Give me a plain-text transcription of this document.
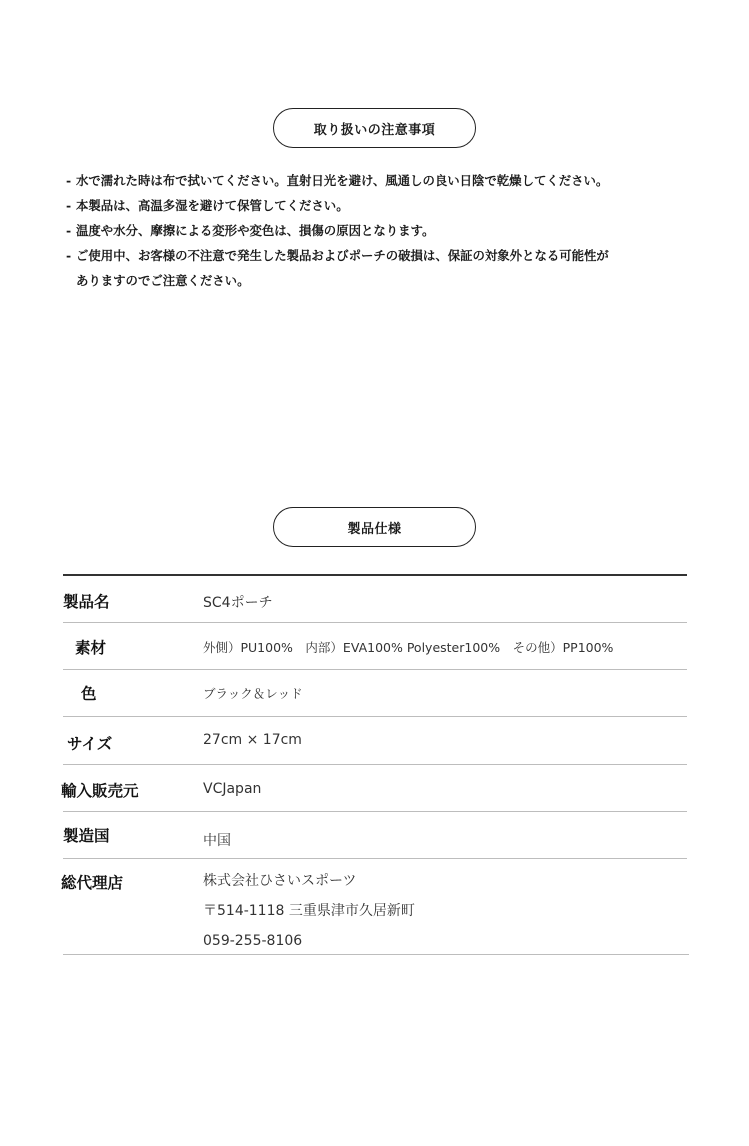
取り扱いの注意事項
- 水で濡れた時は布で拭いてください。直射日光を避け、風通しの良い日陰で乾燥してください。
- 本製品は、高温多湿を避けて保管してください。
- 温度や水分、摩擦による変形や変色は、損傷の原因となります。
- ご使用中、お客様の不注意で発生した製品およびポーチの破損は、保証の対象外となる可能性が
ありますのでご注意ください。
製品仕様
製品名	SC4ポーチ
素材	外側）PU100%　内部）EVA100% Polyester100%　その他）PP100%
色	ブラック＆レッド
サイズ	27cm × 17cm
輸入販売元	VCJapan
製造国	中国
総代理店	株式会社ひさいスポーツ
〒514-1118 三重県津市久居新町
059-255-8106
